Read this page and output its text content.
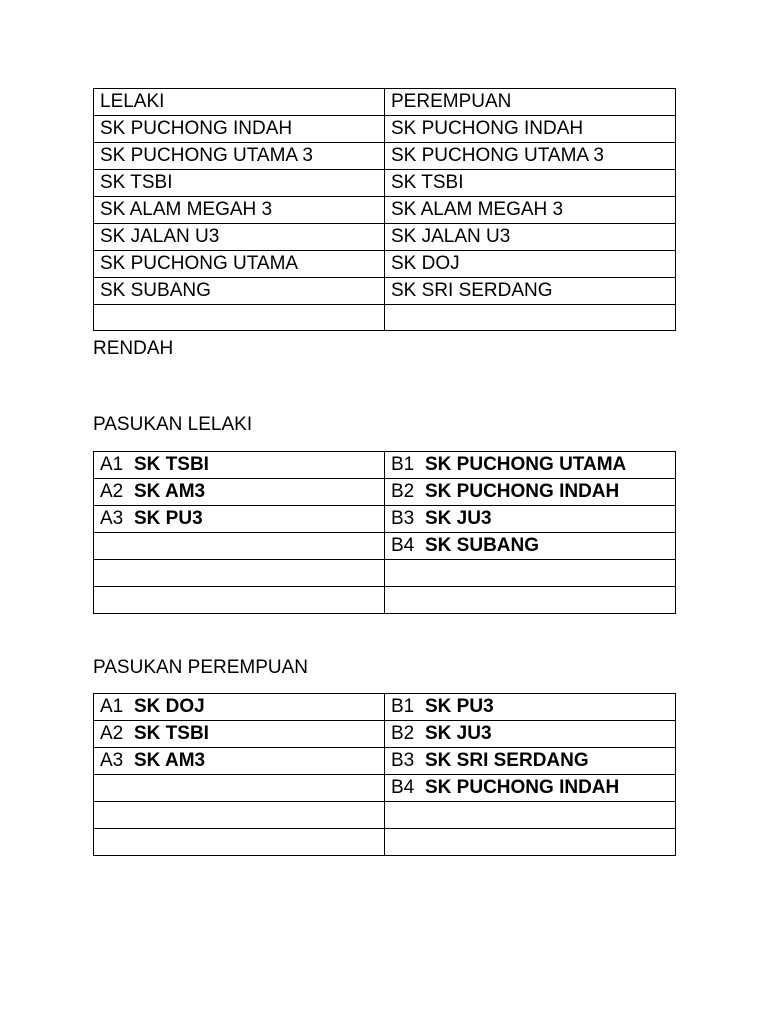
LELAKI	PEREMPUAN
SK PUCHONG INDAH	SK PUCHONG INDAH
SK PUCHONG UTAMA 3	SK PUCHONG UTAMA 3
SK TSBI	SK TSBI
SK ALAM MEGAH 3	SK ALAM MEGAH 3
SK JALAN U3	SK JALAN U3
SK PUCHONG UTAMA	SK DOJ
SK SUBANG	SK SRI SERDANG

RENDAH
PASUKAN LELAKI
A1 SK TSBI	B1 SK PUCHONG UTAMA
A2 SK AM3	B2 SK PUCHONG INDAH
A3 SK PU3	B3 SK JU3
	B4 SK SUBANG

PASUKAN PEREMPUAN
A1 SK DOJ	B1 SK PU3
A2 SK TSBI	B2 SK JU3
A3 SK AM3	B3 SK SRI SERDANG
	B4 SK PUCHONG INDAH
